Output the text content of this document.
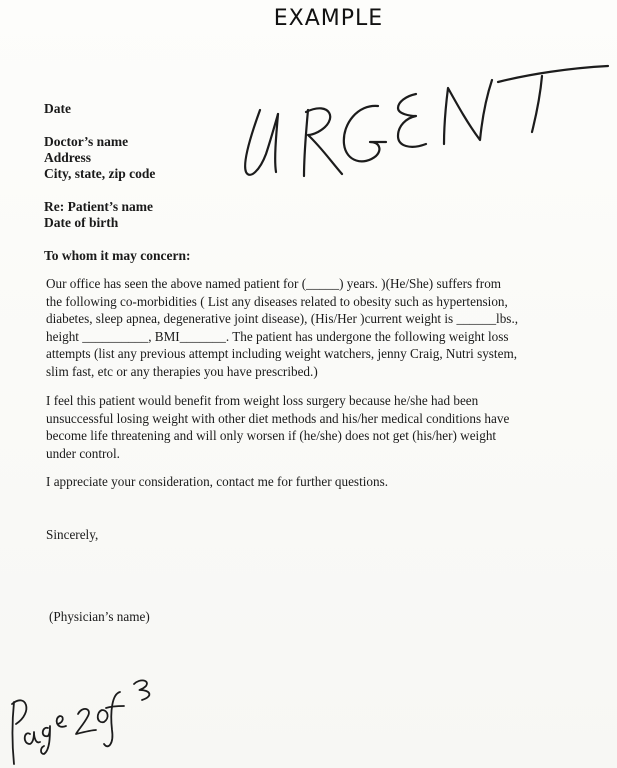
EXAMPLE
Date
Doctor’s name
Address
City, state, zip code
Re: Patient’s name
Date of birth
To whom it may concern:
Our office has seen the above named patient for (_____) years. )(He/She) suffers from
the following co-morbidities ( List any diseases related to obesity such as hypertension,
diabetes, sleep apnea, degenerative joint disease), (His/Her )current weight is ______lbs.,
height __________, BMI_______. The patient has undergone the following weight loss
attempts (list any previous attempt including weight watchers, jenny Craig, Nutri system,
slim fast, etc or any therapies you have prescribed.)
I feel this patient would benefit from weight loss surgery because he/she had been
unsuccessful losing weight with other diet methods and his/her medical conditions have
become life threatening and will only worsen if (he/she) does not get (his/her) weight
under control.
I appreciate your consideration, contact me for further questions.
Sincerely,
(Physician’s name)
